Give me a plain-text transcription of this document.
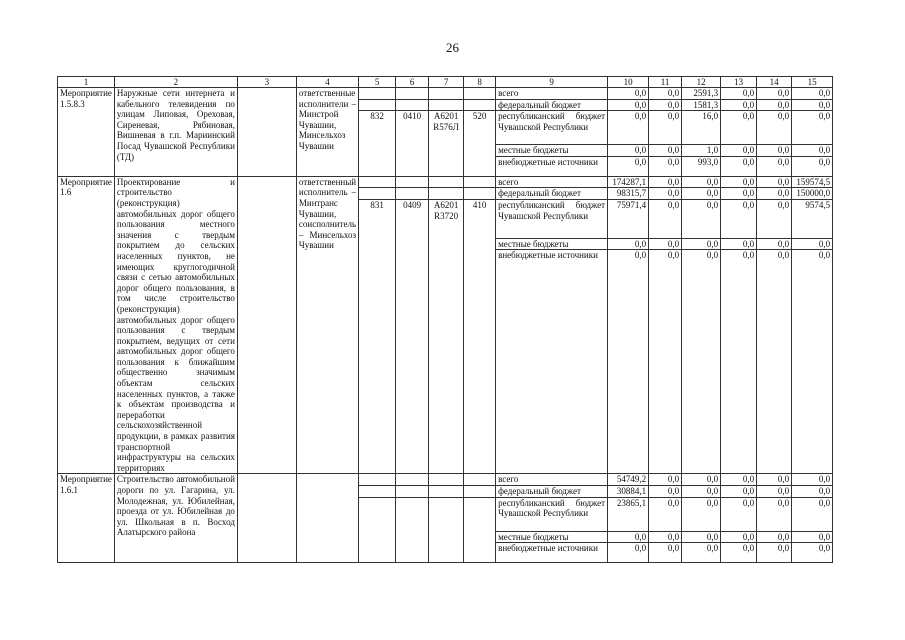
26
1	2	3	4	5	6	7	8	9	10	11	12	13	14	15
Мероприятие 1.5.8.3	Наружные сети интернета и кабельного телевидения по улицам Липовая, Ореховая, Сиреневая, Рябиновая, Вишневая в г.п. Мариинский Посад Чувашской Республики (ТД)		ответственные исполнители – Минстрой Чувашии, Минсельхоз Чувашии					всего	0,0	0,0	2591,3	0,0	0,0	0,0
								федеральный бюджет	0,0	0,0	1581,3	0,0	0,0	0,0
				832	0410	А6201 R576Л	520	республиканский бюджет Чувашской Республики	0,0	0,0	16,0	0,0	0,0	0,0
								местные бюджеты	0,0	0,0	1,0	0,0	0,0	0,0
								внебюджетные источники	0,0	0,0	993,0	0,0	0,0	0,0
Мероприятие 1.6	Проектирование и строительство (реконструкция) автомобильных дорог общего пользования местного значения с твердым покрытием до сельских населенных пунктов, не имеющих круглогодичной связи с сетью автомобильных дорог общего пользования, в том числе строительство (реконструкция) автомобильных дорог общего пользования с твердым покрытием, ведущих от сети автомобильных дорог общего пользования к ближайшим общественно значимым объектам сельских населенных пунктов, а также к объектам производства и переработки сельскохозяйственной продукции, в рамках развития транспортной инфраструктуры на сельских территориях		ответственный исполнитель – Минтранс Чувашии, соисполнитель – Минсельхоз Чувашии					всего	174287,1	0,0	0,0	0,0	0,0	159574,5
								федеральный бюджет	98315,7	0,0	0,0	0,0	0,0	150000,0
				831	0409	А6201 R3720	410	республиканский бюджет Чувашской Республики	75971,4	0,0	0,0	0,0	0,0	9574,5
								местные бюджеты	0,0	0,0	0,0	0,0	0,0	0,0
								внебюджетные источники	0,0	0,0	0,0	0,0	0,0	0,0
Мероприятие 1.6.1	Строительство автомобильной дороги по ул. Гагарина, ул. Молодежная, ул. Юбилейная, проезда от ул. Юбилейная до ул. Школьная в п. Восход Алатырского района							всего	54749,2	0,0	0,0	0,0	0,0	0,0
								федеральный бюджет	30884,1	0,0	0,0	0,0	0,0	0,0
								республиканский бюджет Чувашской Республики	23865,1	0,0	0,0	0,0	0,0	0,0
								местные бюджеты	0,0	0,0	0,0	0,0	0,0	0,0
								внебюджетные источники	0,0	0,0	0,0	0,0	0,0	0,0
